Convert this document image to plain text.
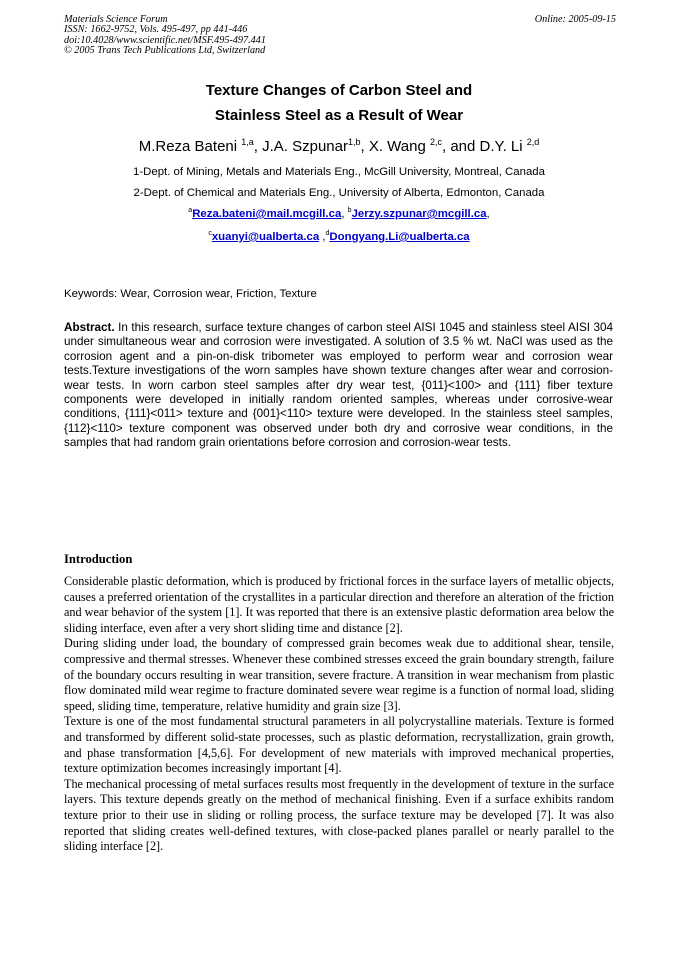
Materials Science Forum
ISSN: 1662-9752, Vols. 495-497, pp 441-446
doi:10.4028/www.scientific.net/MSF.495-497.441
© 2005 Trans Tech Publications Ltd, Switzerland
Online: 2005-09-15
Texture Changes of Carbon Steel and
Stainless Steel as a Result of Wear
M.Reza Bateni $^{1,a}$, J.A. Szpunar$^{1,b}$, X. Wang $^{2,c}$, and D.Y. Li $^{2,d}$
1-Dept. of Mining, Metals and Materials Eng., McGill University, Montreal, Canada
2-Dept. of Chemical and Materials Eng., University of Alberta, Edmonton, Canada
$^a$Reza.bateni@mail.mcgill.ca, $^b$Jerzy.szpunar@mcgill.ca,
$^c$xuanyi@ualberta.ca ,$^d$Dongyang.Li@ualberta.ca
Keywords: Wear, Corrosion wear, Friction, Texture
Abstract. In this research, surface texture changes of carbon steel AISI 1045 and stainless steel AISI 304 under simultaneous wear and corrosion were investigated. A solution of 3.5 % wt. NaCl was used as the corrosion agent and a pin-on-disk tribometer was employed to perform wear and corrosion wear tests.Texture investigations of the worn samples have shown texture changes after wear and corrosion-wear tests. In worn carbon steel samples after dry wear test, {011}<100> and {111} fiber texture components were developed in initially random oriented samples, whereas under corrosive-wear conditions, {111}<011> texture and {001}<110> texture were developed. In the stainless steel samples, {112}<110> texture component was observed under both dry and corrosive wear conditions, in the samples that had random grain orientations before corrosion and corrosion-wear tests.
Introduction

Considerable plastic deformation, which is produced by frictional forces in the surface layers of metallic objects, causes a preferred orientation of the crystallites in a particular direction and therefore an alteration of the friction and wear behavior of the system [1]. It was reported that there is an extensive plastic deformation area below the sliding interface, even after a very short sliding time and distance [2].

During sliding under load, the boundary of compressed grain becomes weak due to additional shear, tensile, compressive and thermal stresses. Whenever these combined stresses exceed the grain boundary strength, failure of the boundary occurs resulting in wear transition, severe fracture. A transition in wear mechanism from plastic flow dominated mild wear regime to fracture dominated severe wear regime is a function of normal load, sliding speed, sliding time, temperature, relative humidity and grain size [3].

Texture is one of the most fundamental structural parameters in all polycrystalline materials. Texture is formed and transformed by different solid-state processes, such as plastic deformation, recrystallization, grain growth, and phase transformation [4,5,6]. For development of new materials with improved mechanical properties, texture optimization becomes increasingly important [4].

The mechanical processing of metal surfaces results most frequently in the development of texture in the surface layers. This texture depends greatly on the method of mechanical finishing. Even if a surface exhibits random texture prior to their use in sliding or rolling process, the surface texture may be developed [7]. It was also reported that sliding creates well-defined textures, with close-packed planes parallel or nearly parallel to the sliding interface [2].
